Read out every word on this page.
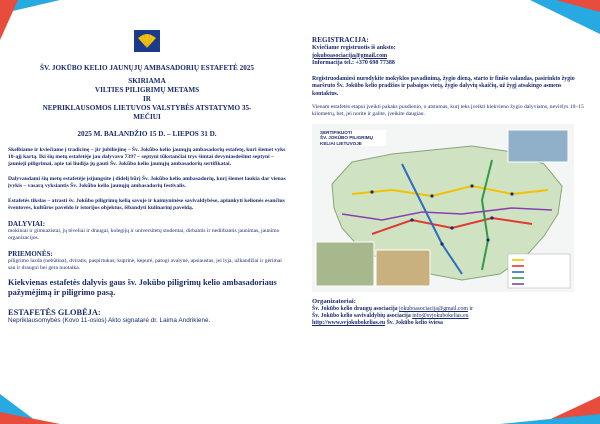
ŠV. JOKŪBO KELIO JAUNŲJŲ AMBASADORIŲ ESTAFETĖ 2025
SKIRIAMA
VILTIES PILIGRIMŲ METAMS
IR
NEPRIKLAUSOMOS LIETUVOS VALSTYBĖS ATSTATYMO 35-
MEČIUI
2025 M. BALANDŽIO 15 D. – LIEPOS 31 D.

Skelbiame ir kviečiame į tradicinę – jir jubiliejinę – Šv. Jokūbo kelio jaunųjų ambasadorių estafetę, kuri šiemet vyks 10-ąjį kartą. Iki šių metų estafetėje jau dalyvavo 7397 – septyni tūkstančiai trys šimtai devyniasdešimt septyni – jaunieji piligrimai, apie tai liudija jų gauti Šv. Jokūbo kelio jaunųjų ambasadorių sertifikatai.

Dalyvaudami šių metų estafetėje įsijungsite į didelį būrį Šv. Jokūbo kelio ambasadorių, kurį šiemet laukia dar vienas įvykis – vasarą vyksiantis Šv. Jokūbo kelio jaunųjų ambasadorių festivalis.

Estafetės tikslas – atrasti šv. Jokūbo piligrimų kelią savoje ir kaimyninėse savivaldybėse, aplankyti kelionės esančius šventoves, kultūros paveldo ir istorijos objektus, išbandyti kulinarinį paveldą.

DALYVIAI:

mokiniai ir gimnazistai, jų tėveliai ir draugai, kolegijų ir universitetų studentai, dirbantis ir nedirbantis jaunimas, jaunimo organizacijos.

PRIEMONĖS:

piligrimo lazda (nebūtina), dviratis, paspirtukas; kuprinė, kepurė, patogi avalynė, apsiaustas, jei lyja, užkandžiai ir gėrimai sau ir draugui bei gera nuotaika.

Kiekvienas estafetės dalyvis gaus šv. Jokūbo piligrimų kelio ambasadoriaus pažymėjimą ir piligrimo pasą.

ESTAFETĖS GLOBĖJA:

Nepriklausomybės (Kovo 11-osios) Akto signatarė dr. Laima Andrikienė.

REGISTRACIJA:
Kviečiame registruotis iš anksto:
jokuboasociacija@gmail.com
Informacija tel.: +370 698 77388

Registruodamiesi nurodykite mokyklos pavadinimą, žygio dieną, starto ir finišo valandas, pasirinkto žygio maršruto Šv. Jokūbo kelio pradžios ir pabaigos vietą, žygio dalyvių skaičių, už žygį atsakingo asmens kontaktus.

Vienam estafetės etapui įveikti pakaks pusdienio, o atstumas, kurį teks įveikti kiekvieno žygio dalyviams, neviršys 10–15 kilometrų, bet, jei norite ir galite, įveikite daugiau.

SERTIFIKUOTI
ŠV. JOKŪBO PILIGRIMŲ
KELIAI LIETUVOJE
Organizatoriai:
Šv. Jokūbo kelio draugų asociacija jokuboasociacija@gmail.com ir
Šv. Jokūbo kelio savivaldybių asociacija info@svjokubokelias.eu
http://www.svjokubokelias.eu Šv. Jokūbo kelio šviesa
